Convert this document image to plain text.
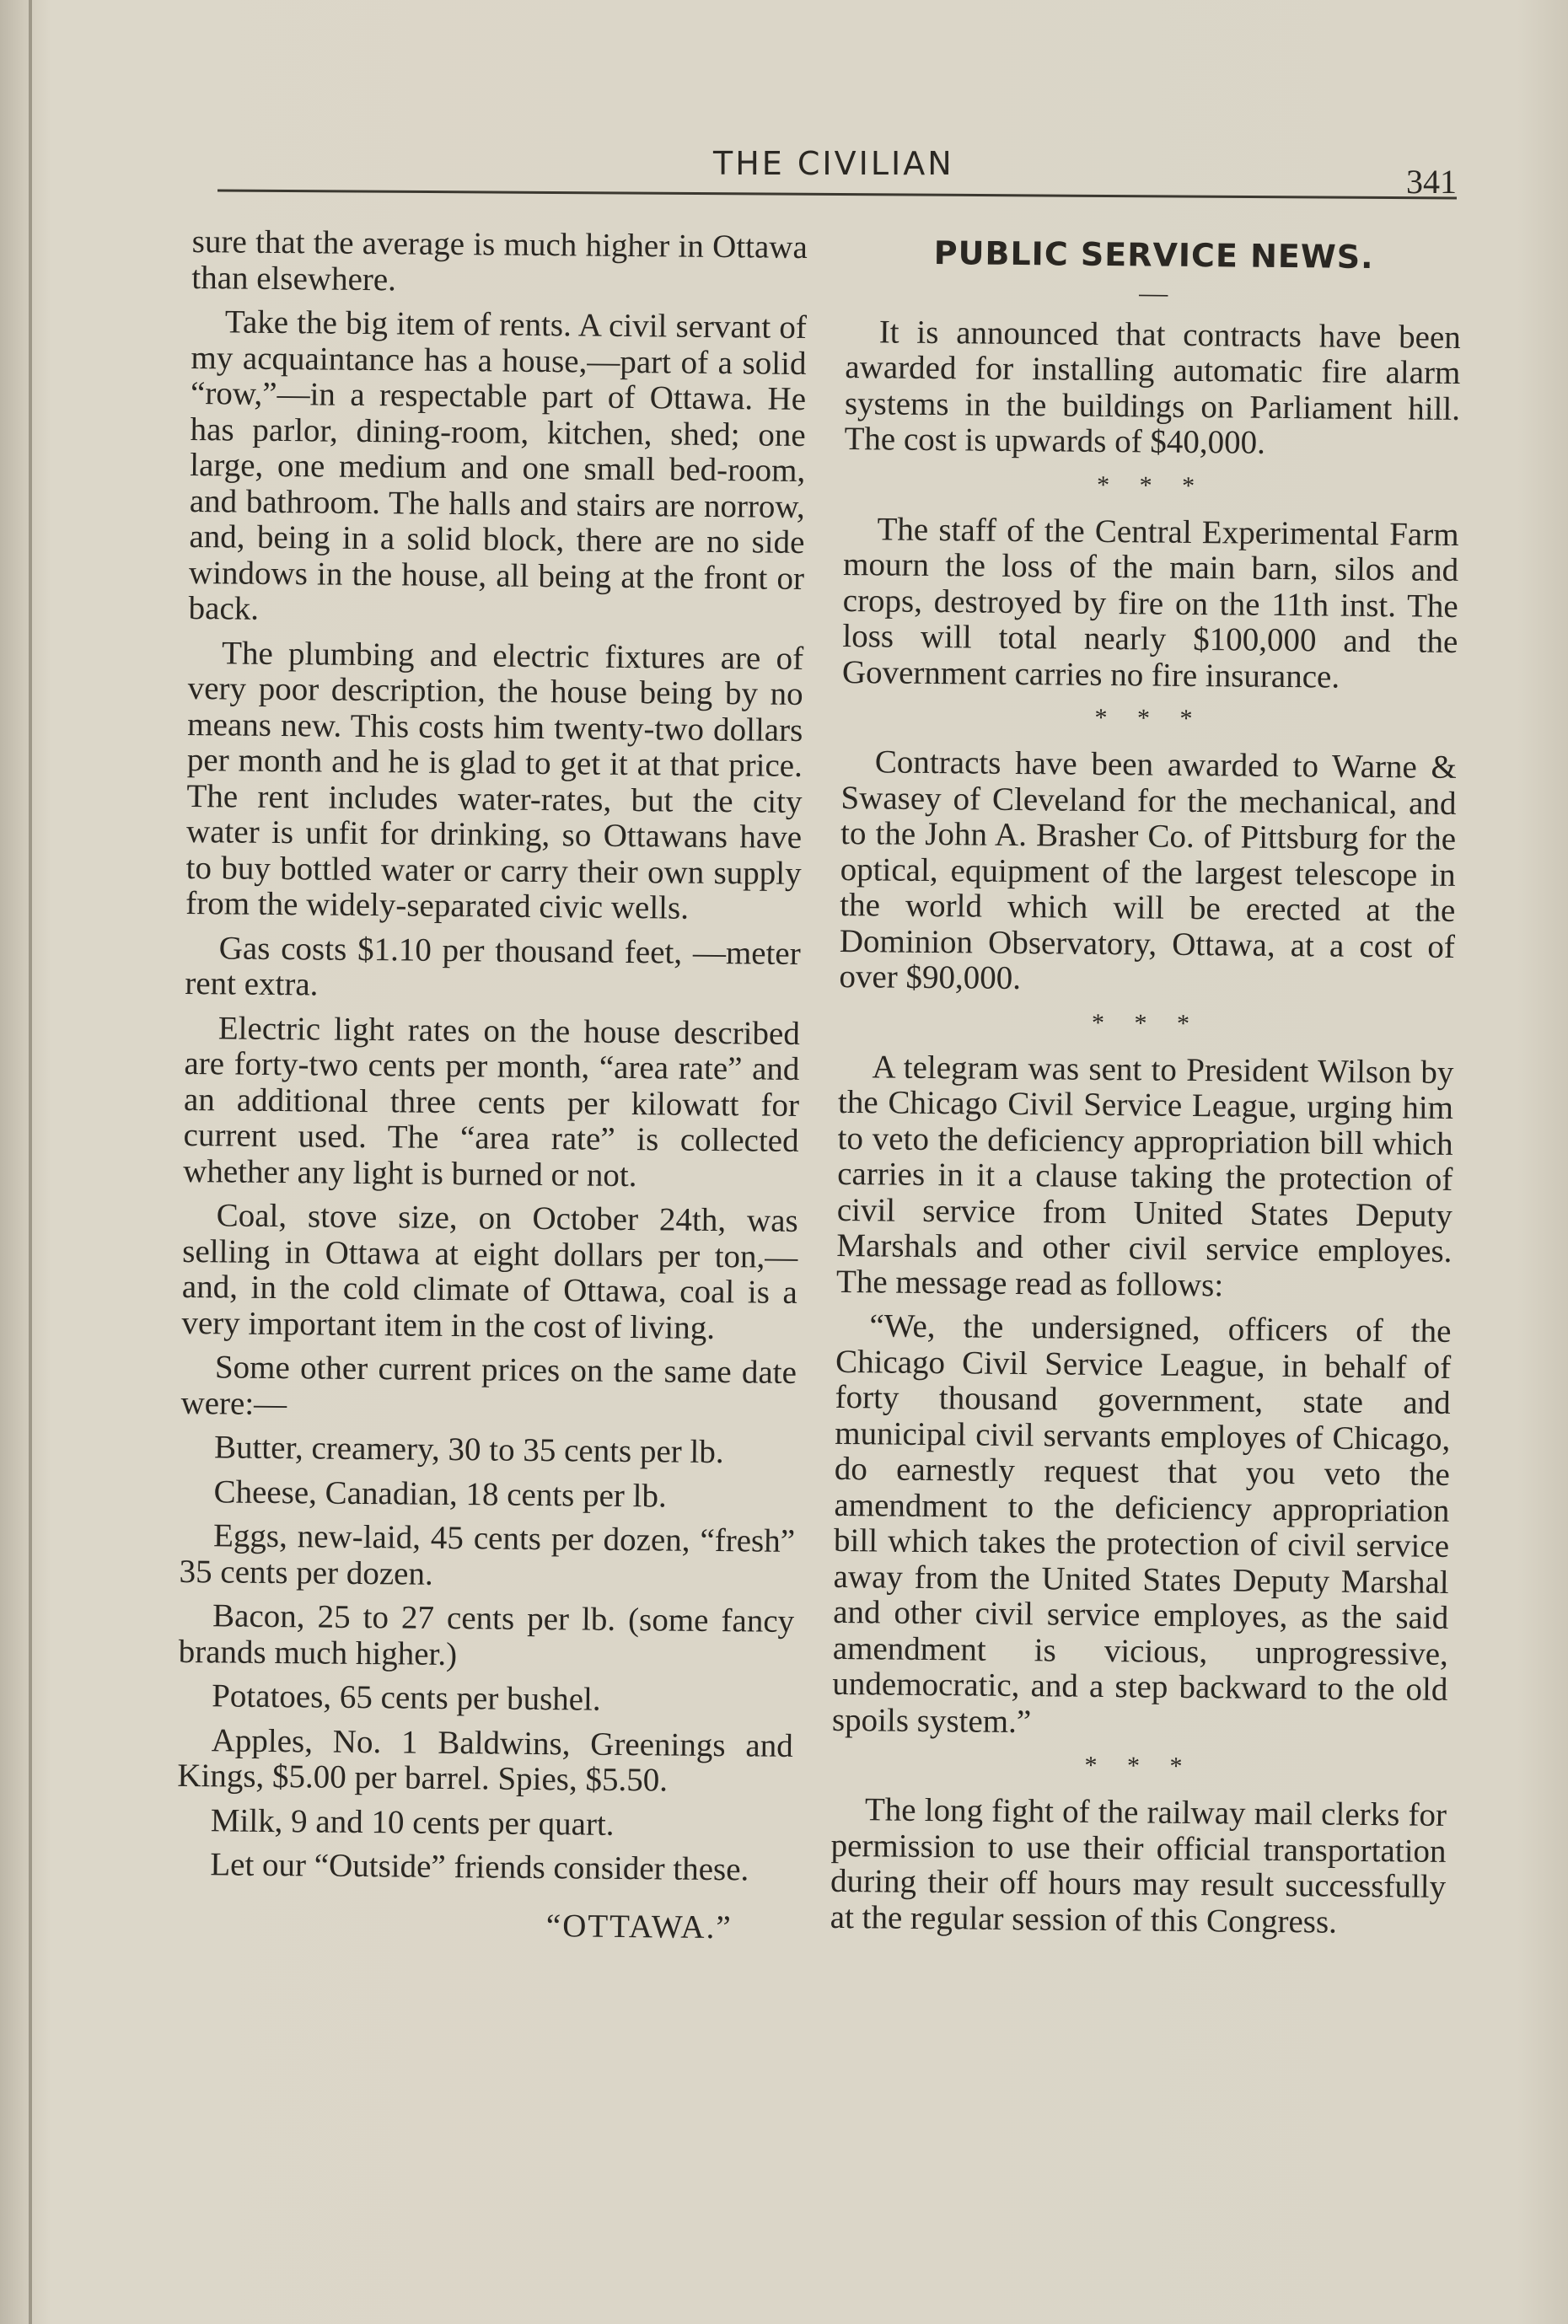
THE CIVILIAN	341

sure that the average is much higher in Ottawa than elsewhere.

Take the big item of rents. A civil servant of my acquaintance has a house,—part of a solid “row,”—in a respectable part of Ottawa. He has parlor, dining-room, kitchen, shed; one large, one medium and one small bed-room, and bathroom. The halls and stairs are norrow, and, being in a solid block, there are no side windows in the house, all being at the front or back.

The plumbing and electric fixtures are of very poor description, the house being by no means new. This costs him twenty-two dollars per month and he is glad to get it at that price. The rent includes water-rates, but the city water is unfit for drinking, so Ottawans have to buy bottled water or carry their own supply from the widely-separated civic wells.

Gas costs $1.10 per thousand feet, —meter rent extra.

Electric light rates on the house described are forty-two cents per month, “area rate” and an additional three cents per kilowatt for current used. The “area rate” is collected whether any light is burned or not.

Coal, stove size, on October 24th, was selling in Ottawa at eight dollars per ton,—and, in the cold climate of Ottawa, coal is a very important item in the cost of living.

Some other current prices on the same date were:—

Butter, creamery, 30 to 35 cents per lb.

Cheese, Canadian, 18 cents per lb.

Eggs, new-laid, 45 cents per dozen, “fresh” 35 cents per dozen.

Bacon, 25 to 27 cents per lb. (some fancy brands much higher.)

Potatoes, 65 cents per bushel.

Apples, No. 1 Baldwins, Greenings and Kings, $5.00 per barrel. Spies, $5.50.

Milk, 9 and 10 cents per quart.

Let our “Outside” friends consider these.

“OTTAWA.”
PUBLIC SERVICE NEWS.
—

It is announced that contracts have been awarded for installing automatic fire alarm systems in the buildings on Parliament hill. The cost is upwards of $40,000.

* * *

The staff of the Central Experimental Farm mourn the loss of the main barn, silos and crops, destroyed by fire on the 11th inst. The loss will total nearly $100,000 and the Government carries no fire insurance.

* * *

Contracts have been awarded to Warne & Swasey of Cleveland for the mechanical, and to the John A. Brasher Co. of Pittsburg for the optical, equipment of the largest telescope in the world which will be erected at the Dominion Observatory, Ottawa, at a cost of over $90,000.

* * *

A telegram was sent to President Wilson by the Chicago Civil Service League, urging him to veto the deficiency appropriation bill which carries in it a clause taking the protection of civil service from United States Deputy Marshals and other civil service employes. The message read as follows:

“We, the undersigned, officers of the Chicago Civil Service League, in behalf of forty thousand government, state and municipal civil servants employes of Chicago, do earnestly request that you veto the amendment to the deficiency appropriation bill which takes the protection of civil service away from the United States Deputy Marshal and other civil service employes, as the said amendment is vicious, unprogressive, undemocratic, and a step backward to the old spoils system.”

* * *

The long fight of the railway mail clerks for permission to use their official transportation during their off hours may result successfully at the regular session of this Congress.
